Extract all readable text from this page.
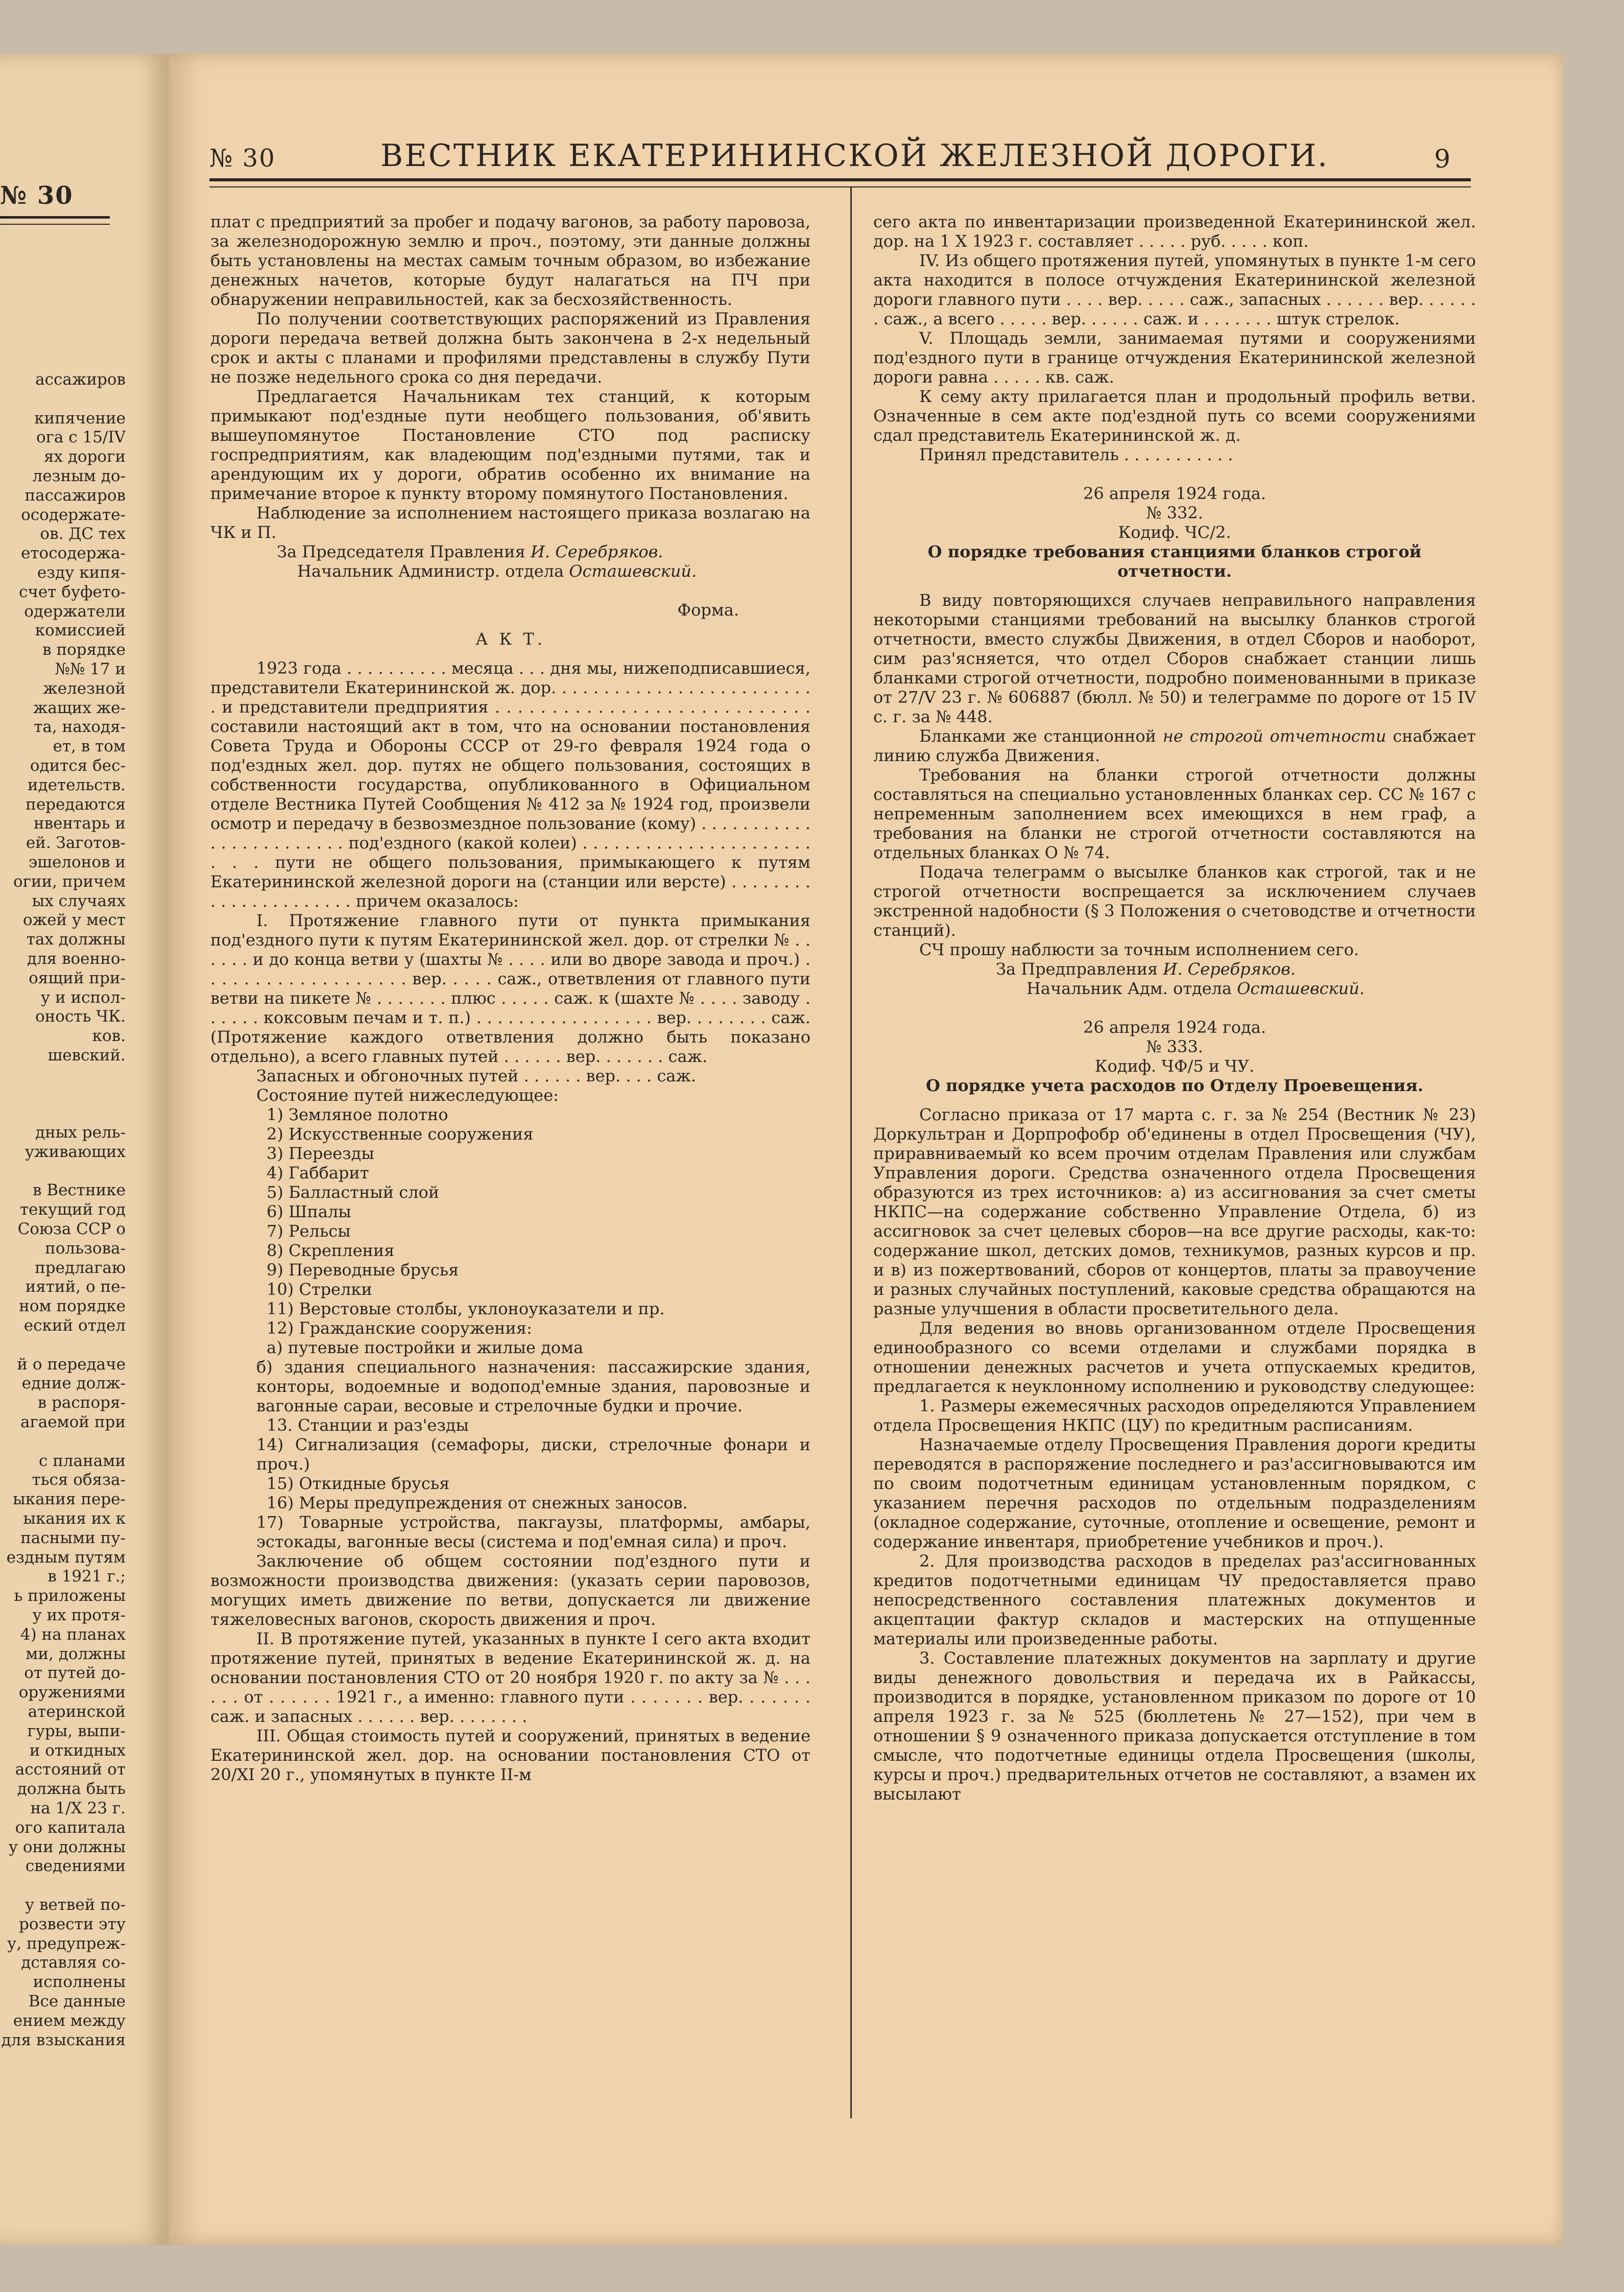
№ 30
ассажиров
кипячение
ога с 15/IV
ях дороги
лезным до-
пассажиров
осодержате-
ов. ДС тех
етосодержа-
езду кипя-
счет буфето-
одержатели
комиссией
в порядке
№№ 17 и
железной
жащих же-
та, находя-
ет, в том
одится бес-
идетельств.
передаются
нвентарь и
ей. Заготов-
эшелонов и
огии, причем
ых случаях
ожей у мест
тах должны
для военно-
оящий при-
у и испол-
оность ЧК.
ков.
шевский.
дных рель-
уживающих
в Вестнике
текущий год
Союза ССР о
пользова-
предлагаю
иятий, о пе-
ном порядке
еский отдел
й о передаче
едние долж-
в распоря-
агаемой при
с планами
ться обяза-
ыкания пере-
ыкания их к
пасными пу-
ездным путям
в 1921 г.;
ь приложены
у их протя-
4) на планах
ми, должны
от путей до-
оружениями
атеринской
гуры, выпи-
и откидных
асстояний от
должна быть
на 1/X 23 г.
ого капитала
у они должны
сведениями
у ветвей по-
розвести эту
у, предупреж-
дставляя со-
исполнены
Все данные
ением между
для взыскания
№ 30	ВЕСТНИК ЕКАТЕРИНИНСКОЙ ЖЕЛЕЗНОЙ ДОРОГИ.	9

плат с предприятий за пробег и подачу вагонов, за работу паровоза, за железнодорожную землю и проч., поэтому, эти данные должны быть установлены на местах самым точным образом, во избежание денежных начетов, которые будут налагаться на ПЧ при обнаружении неправильностей, как за бесхозяйственность.

По получении соответствующих распоряжений из Правления дороги передача ветвей должна быть закончена в 2-х недельный срок и акты с планами и профилями представлены в службу Пути не позже недельного срока со дня передачи.

Предлагается Начальникам тех станций, к которым примыкают под'ездные пути необщего пользования, об'явить вышеупомянутое Постановление СТО под расписку госпредприятиям, как владеющим под'ездными путями, так и арендующим их у дороги, обратив особенно их внимание на примечание второе к пункту второму помянутого Постановления.

Наблюдение за исполнением настоящего приказа возлагаю на ЧК и П.

За Председателя Правления И. Серебряков.

Начальник Администр. отдела Осташевский.

Форма.

А К Т.

1923 года . . . . . . . . . . месяца . . . дня мы, нижеподписавшиеся, представители Екатерининской ж. дор. . . . . . . . . . . . . . . . . . . . . . . . . . и представители предприятия . . . . . . . . . . . . . . . . . . . . . . . . . . . . составили настоящий акт в том, что на основании постановления Совета Труда и Обороны СССР от 29-го февраля 1924 года о под'ездных жел. дор. путях не общего пользования, состоящих в собственности государства, опубликованного в Официальном отделе Вестника Путей Сообщения № 412 за № 1924 год, произвели осмотр и передачу в безвозмездное пользование (кому) . . . . . . . . . . . . . . . . . . . . . . . . под'ездного (какой колеи) . . . . . . . . . . . . . . . . . . . . . . . . . пути не общего пользования, примыкающего к путям Екатерининской железной дороги на (станции или версте) . . . . . . . . . . . . . . . . . . . . . . причем оказалось:

I. Протяжение главного пути от пункта примыкания под'ездного пути к путям Екатерининской жел. дор. от стрелки № . . . . . . и до конца ветви у (шахты № . . . . или во дворе завода и проч.) . . . . . . . . . . . . . . . . . . . вер. . . . . саж., ответвления от главного пути ветви на пикете № . . . . . . . плюс . . . . . саж. к (шахте № . . . . заводу . . . . . . коксовым печам и т. п.) . . . . . . . . . . . . . . . . . вер. . . . . . . . саж. (Протяжение каждого ответвления должно быть показано отдельно), а всего главных путей . . . . . . вер. . . . . . . саж.

Запасных и обгоночных путей . . . . . . вер. . . . саж.

Состояние путей нижеследующее:

1) Земляное полотно

2) Искусственные сооружения

3) Переезды

4) Габбарит

5) Балластный слой

6) Шпалы

7) Рельсы

8) Скрепления

9) Переводные брусья

10) Стрелки

11) Верстовые столбы, уклоноуказатели и пр.

12) Гражданские сооружения:

а) путевые постройки и жилые дома

б) здания специального назначения: пассажирские здания, конторы, водоемные и водопод'емные здания, паровозные и вагонные сараи, весовые и стрелочные будки и прочие.

13. Станции и раз'езды

14) Сигнализация (семафоры, диски, стрелочные фонари и проч.)

15) Откидные брусья

16) Меры предупреждения от снежных заносов.

17) Товарные устройства, пакгаузы, платформы, амбары, эстокады, вагонные весы (система и под'емная сила) и проч.

Заключение об общем состоянии под'ездного пути и возможности производства движения: (указать серии паровозов, могущих иметь движение по ветви, допускается ли движение тяжеловесных вагонов, скорость движения и проч.

II. В протяжение путей, указанных в пункте I сего акта входит протяжение путей, принятых в ведение Екатерининской ж. д. на основании постановления СТО от 20 ноября 1920 г. по акту за № . . . . . . от . . . . . . 1921 г., а именно: главного пути . . . . . . . вер. . . . . . . саж. и запасных . . . . . . вер. . . . . . . .

III. Общая стоимость путей и сооружений, принятых в ведение Екатерининской жел. дор. на основании постановления СТО от 20/XI 20 г., упомянутых в пункте II-м

сего акта по инвентаризации произведенной Екатерининской жел. дор. на 1 X 1923 г. составляет . . . . . руб. . . . . коп.

IV. Из общего протяжения путей, упомянутых в пункте 1-м сего акта находится в полосе отчуждения Екатерининской железной дороги главного пути . . . . вер. . . . . саж., запасных . . . . . . вер. . . . . . . саж., а всего . . . . . вер. . . . . . саж. и . . . . . . . штук стрелок.

V. Площадь земли, занимаемая путями и сооружениями под'ездного пути в границе отчуждения Екатерининской железной дороги равна . . . . . кв. саж.

К сему акту прилагается план и продольный профиль ветви. Означенные в сем акте под'ездной путь со всеми сооружениями сдал представитель Екатерининской ж. д.

Принял представитель . . . . . . . . . . .

26 апреля 1924 года.

№ 332.

Кодиф. ЧС/2.

О порядке требования станциями бланков строгой отчетности.

В виду повторяющихся случаев неправильного направления некоторыми станциями требований на высылку бланков строгой отчетности, вместо службы Движения, в отдел Сборов и наоборот, сим раз'ясняется, что отдел Сборов снабжает станции лишь бланками строгой отчетности, подробно поименованными в приказе от 27/V 23 г. № 606887 (бюлл. № 50) и телеграмме по дороге от 15 IV с. г. за № 448.

Бланками же станционной не строгой отчетности снабжает линию служба Движения.

Требования на бланки строгой отчетности должны составляться на специально установленных бланках сер. СС № 167 с непременным заполнением всех имеющихся в нем граф, а требования на бланки не строгой отчетности составляются на отдельных бланках О № 74.

Подача телеграмм о высылке бланков как строгой, так и не строгой отчетности воспрещается за исключением случаев экстренной надобности (§ 3 Положения о счетоводстве и отчетности станций).

СЧ прошу наблюсти за точным исполнением сего.

За Предправления И. Серебряков.

Начальник Адм. отдела Осташевский.

26 апреля 1924 года.

№ 333.

Кодиф. ЧФ/5 и ЧУ.

О порядке учета расходов по Отделу Проевещения.

Согласно приказа от 17 марта с. г. за № 254 (Вестник № 23) Доркультран и Дорпрофобр об'единены в отдел Просвещения (ЧУ), приравниваемый ко всем прочим отделам Правления или службам Управления дороги. Средства означенного отдела Просвещения образуются из трех источников: а) из ассигнования за счет сметы НКПС—на содержание собственно Управление Отдела, б) из ассигновок за счет целевых сборов—на все другие расходы, как-то: содержание школ, детских домов, техникумов, разных курсов и пр. и в) из пожертвований, сборов от концертов, платы за правоучение и разных случайных поступлений, каковые средства обращаются на разные улучшения в области просветительного дела.

Для ведения во вновь организованном отделе Просвещения единообразного со всеми отделами и службами порядка в отношении денежных расчетов и учета отпускаемых кредитов, предлагается к неуклонному исполнению и руководству следующее:

1. Размеры ежемесячных расходов определяются Управлением отдела Просвещения НКПС (ЦУ) по кредитным расписаниям.

Назначаемые отделу Просвещения Правления дороги кредиты переводятся в распоряжение последнего и раз'ассигновываются им по своим подотчетным единицам установленным порядком, с указанием перечня расходов по отдельным подразделениям (окладное содержание, суточные, отопление и освещение, ремонт и содержание инвентаря, приобретение учебников и проч.).

2. Для производства расходов в пределах раз'ассигнованных кредитов подотчетными единицам ЧУ предоставляется право непосредственного составления платежных документов и акцептации фактур складов и мастерских на отпущенные материалы или произведенные работы.

3. Составление платежных документов на зарплату и другие виды денежного довольствия и передача их в Райкассы, производится в порядке, установленном приказом по дороге от 10 апреля 1923 г. за № 525 (бюллетень № 27—152), при чем в отношении § 9 означенного приказа допускается отступление в том смысле, что подотчетные единицы отдела Просвещения (школы, курсы и проч.) предварительных отчетов не составляют, а взамен их высылают
